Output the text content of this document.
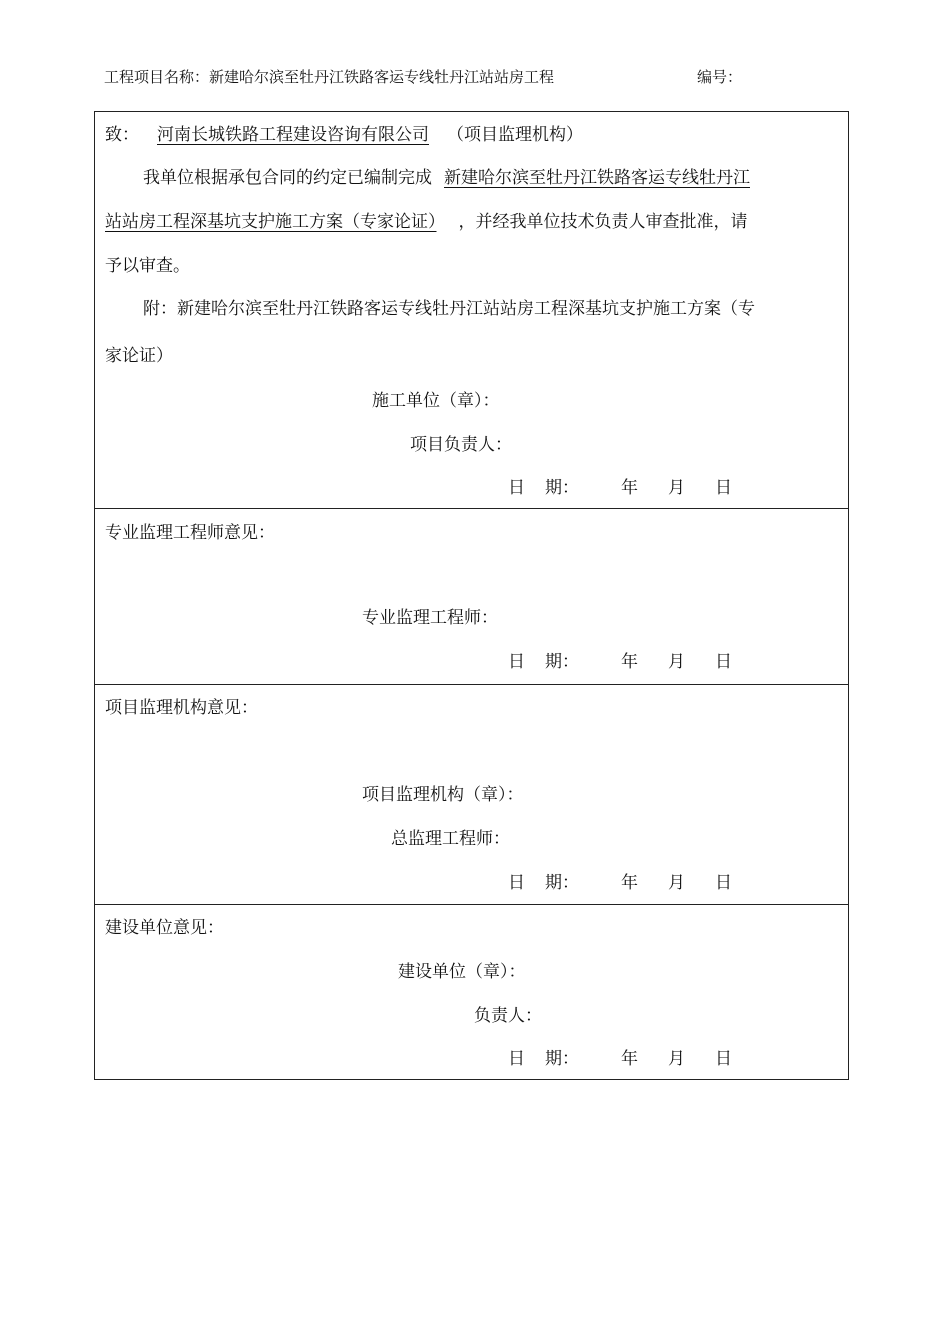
工程项目名称：新建哈尔滨至牡丹江铁路客运专线牡丹江站站房工程	编号：
致： 河南长城铁路工程建设咨询有限公司 （项目监理机构）
我单位根据承包合同的约定已编制完成 新建哈尔滨至牡丹江铁路客运专线牡丹江
站站房工程深基坑支护施工方案（专家论证） ，并经我单位技术负责人审查批准，请
予以审查。
附：新建哈尔滨至牡丹江铁路客运专线牡丹江站站房工程深基坑支护施工方案（专
家论证）
施工单位（章）：
项目负责人：
日 期： 年 月 日
专业监理工程师意见：
专业监理工程师：
日 期： 年 月 日
项目监理机构意见：
项目监理机构（章）：
总监理工程师：
日 期： 年 月 日
建设单位意见：
建设单位（章）：
负责人：
日 期： 年 月 日
